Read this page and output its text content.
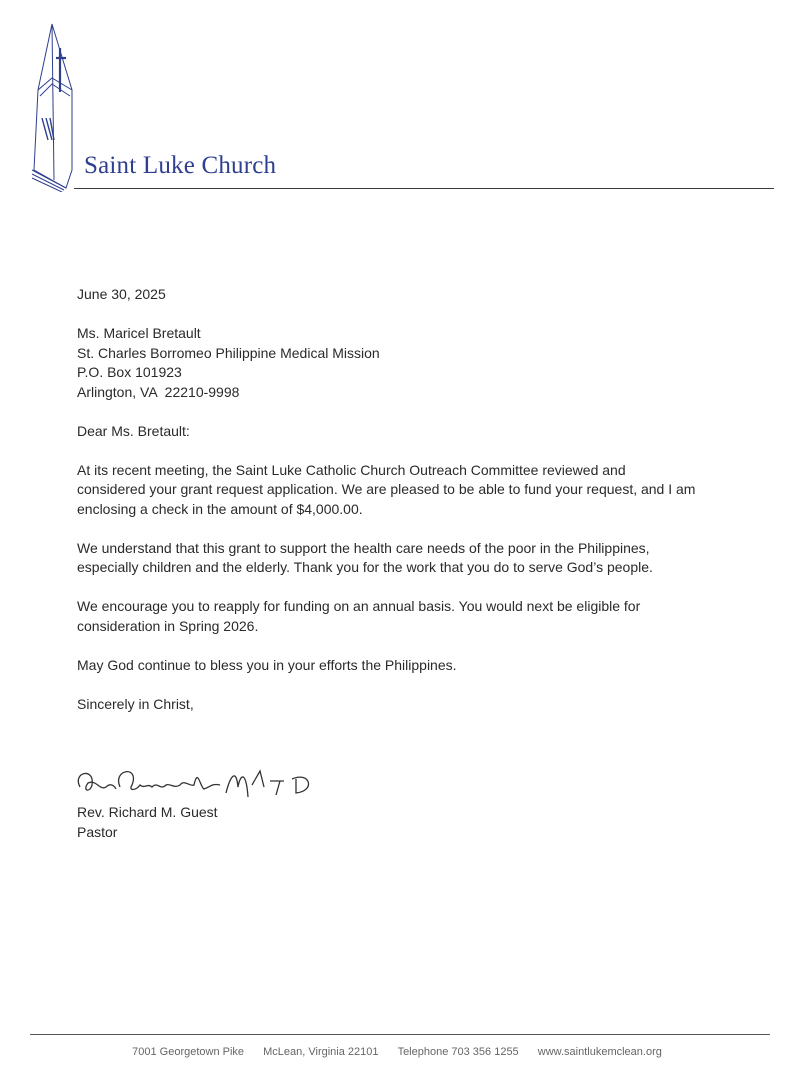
Saint Luke Church

June 30, 2025

Ms. Maricel Bretault

St. Charles Borromeo Philippine Medical Mission

P.O. Box 101923

Arlington, VA  22210-9998

Dear Ms. Bretault:

At its recent meeting, the Saint Luke Catholic Church Outreach Committee reviewed and considered your grant request application. We are pleased to be able to fund your request, and I am enclosing a check in the amount of $4,000.00.

We understand that this grant to support the health care needs of the poor in the Philippines, especially children and the elderly. Thank you for the work that you do to serve God’s people.

We encourage you to reapply for funding on an annual basis. You would next be eligible for consideration in Spring 2026.

May God continue to bless you in your efforts the Philippines.

Sincerely in Christ,

Rev. Richard M. Guest
Pastor
7001 Georgetown Pike McLean, Virginia 22101 Telephone 703 356 1255 www.saintlukemclean.org
